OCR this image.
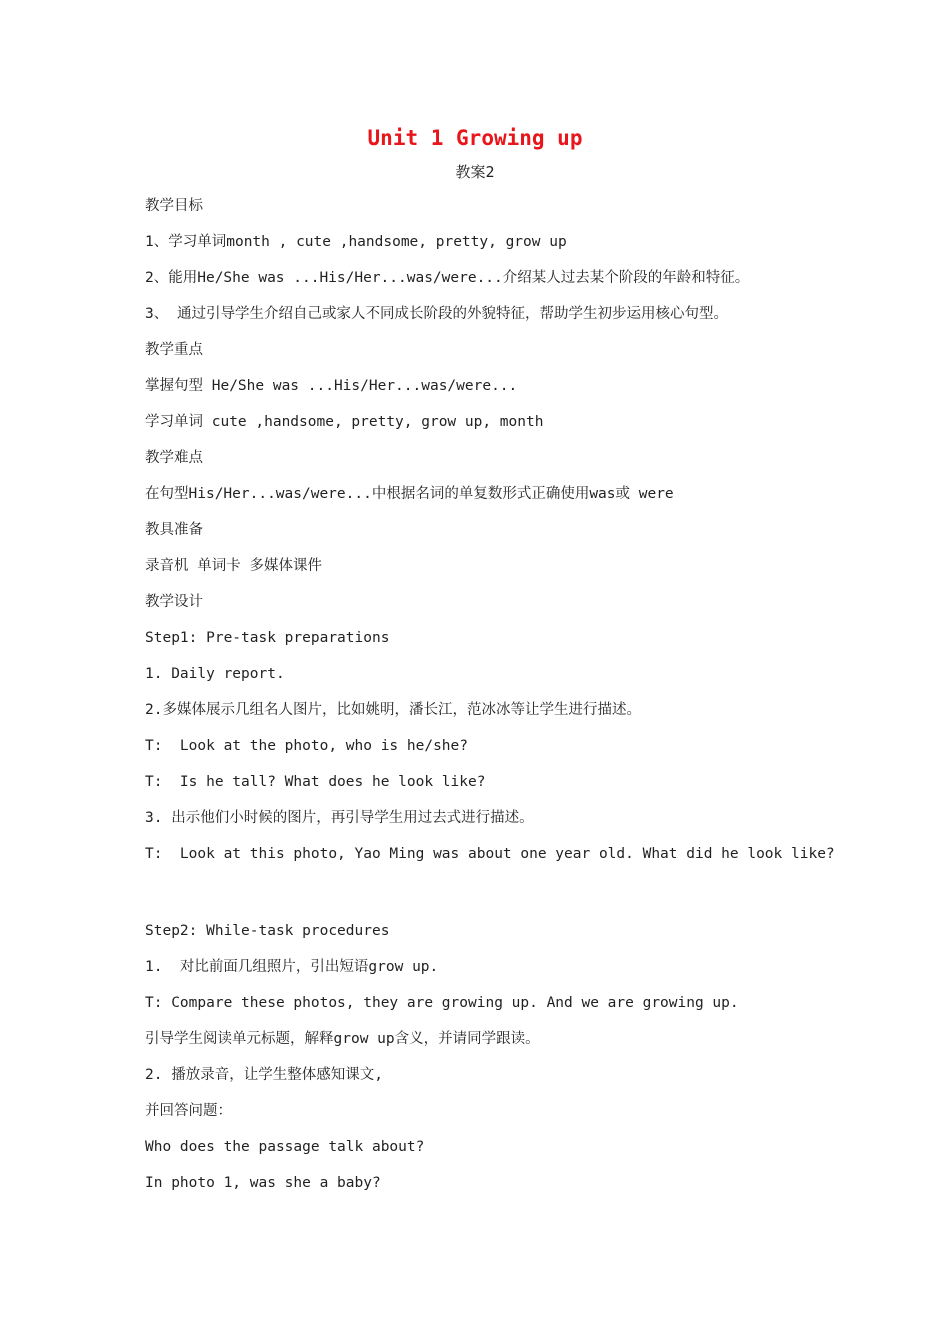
Unit 1 Growing up
教案2
教学目标
1、学习单词month , cute ,handsome, pretty, grow up
2、能用He/She was ...His/Her...was/were...介绍某人过去某个阶段的年龄和特征。
3、 通过引导学生介绍自己或家人不同成长阶段的外貌特征，帮助学生初步运用核心句型。
教学重点
掌握句型 He/She was ...His/Her...was/were...
学习单词 cute ,handsome, pretty, grow up, month
教学难点
在句型His/Her...was/were...中根据名词的单复数形式正确使用was或 were
教具准备
录音机 单词卡 多媒体课件
教学设计
Step1: Pre-task preparations
1. Daily report.
2.多媒体展示几组名人图片，比如姚明，潘长江，范冰冰等让学生进行描述。
T:  Look at the photo, who is he/she?
T:  Is he tall? What does he look like?
3. 出示他们小时候的图片，再引导学生用过去式进行描述。
T:  Look at this photo, Yao Ming was about one year old. What did he look like?
Step2: While-task procedures
1.  对比前面几组照片，引出短语grow up.
T: Compare these photos, they are growing up. And we are growing up.
引导学生阅读单元标题，解释grow up含义，并请同学跟读。
2. 播放录音，让学生整体感知课文,
并回答问题：
Who does the passage talk about?
In photo 1, was she a baby?
